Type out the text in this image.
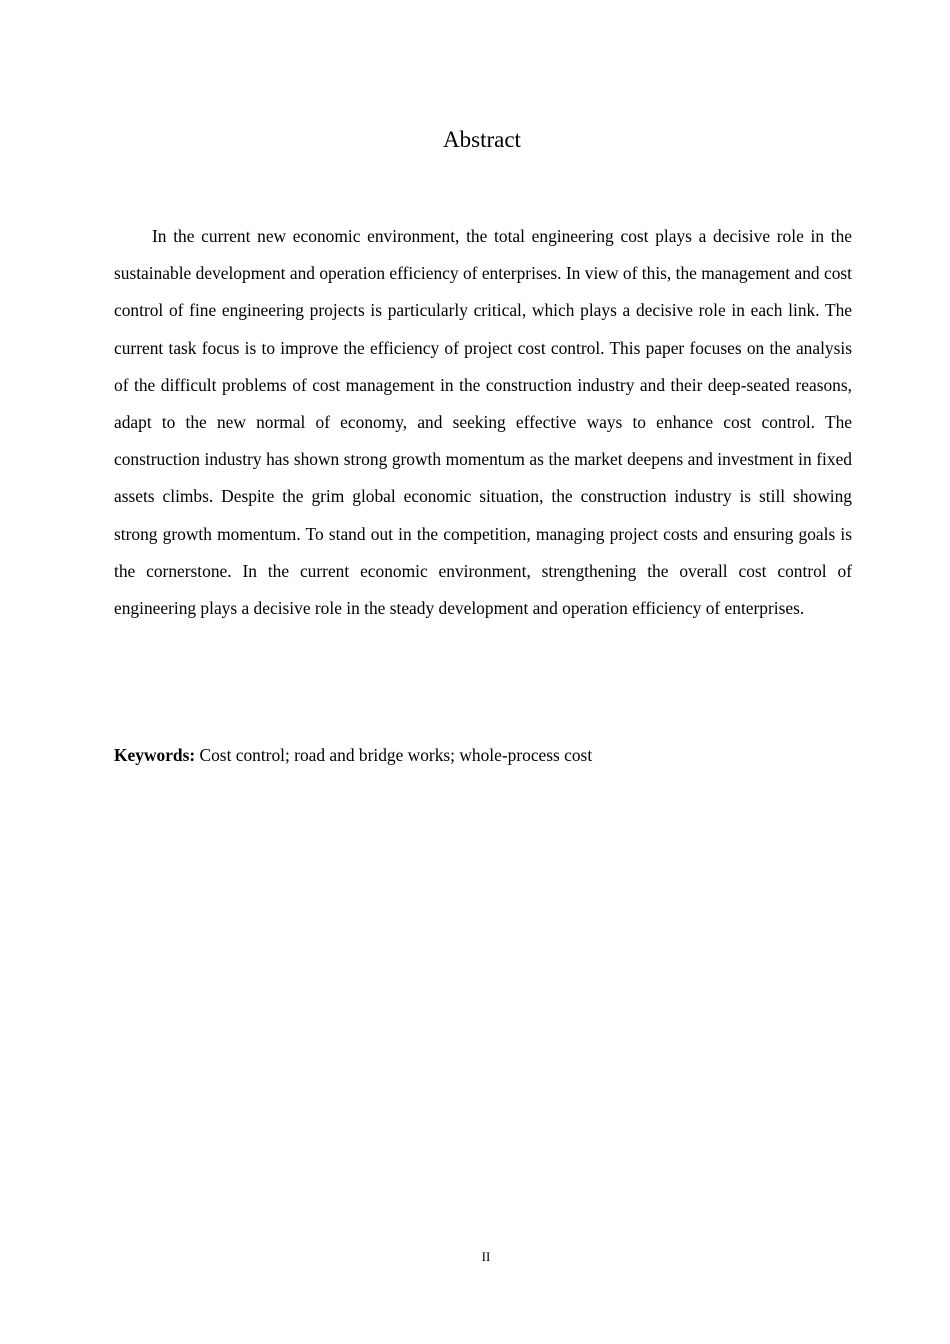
Abstract

In the current new economic environment, the total engineering cost plays a decisive role in the sustainable development and operation efficiency of enterprises. In view of this, the management and cost control of fine engineering projects is particularly critical, which plays a decisive role in each link. The current task focus is to improve the efficiency of project cost control. This paper focuses on the analysis of the difficult problems of cost management in the construction industry and their deep-seated reasons, adapt to the new normal of economy, and seeking effective ways to enhance cost control. The construction industry has shown strong growth momentum as the market deepens and investment in fixed assets climbs. Despite the grim global economic situation, the construction industry is still showing strong growth momentum. To stand out in the competition, managing project costs and ensuring goals is the cornerstone. In the current economic environment, strengthening the overall cost control of engineering plays a decisive role in the steady development and operation efficiency of enterprises.

Keywords: Cost control; road and bridge works; whole-process cost

II
